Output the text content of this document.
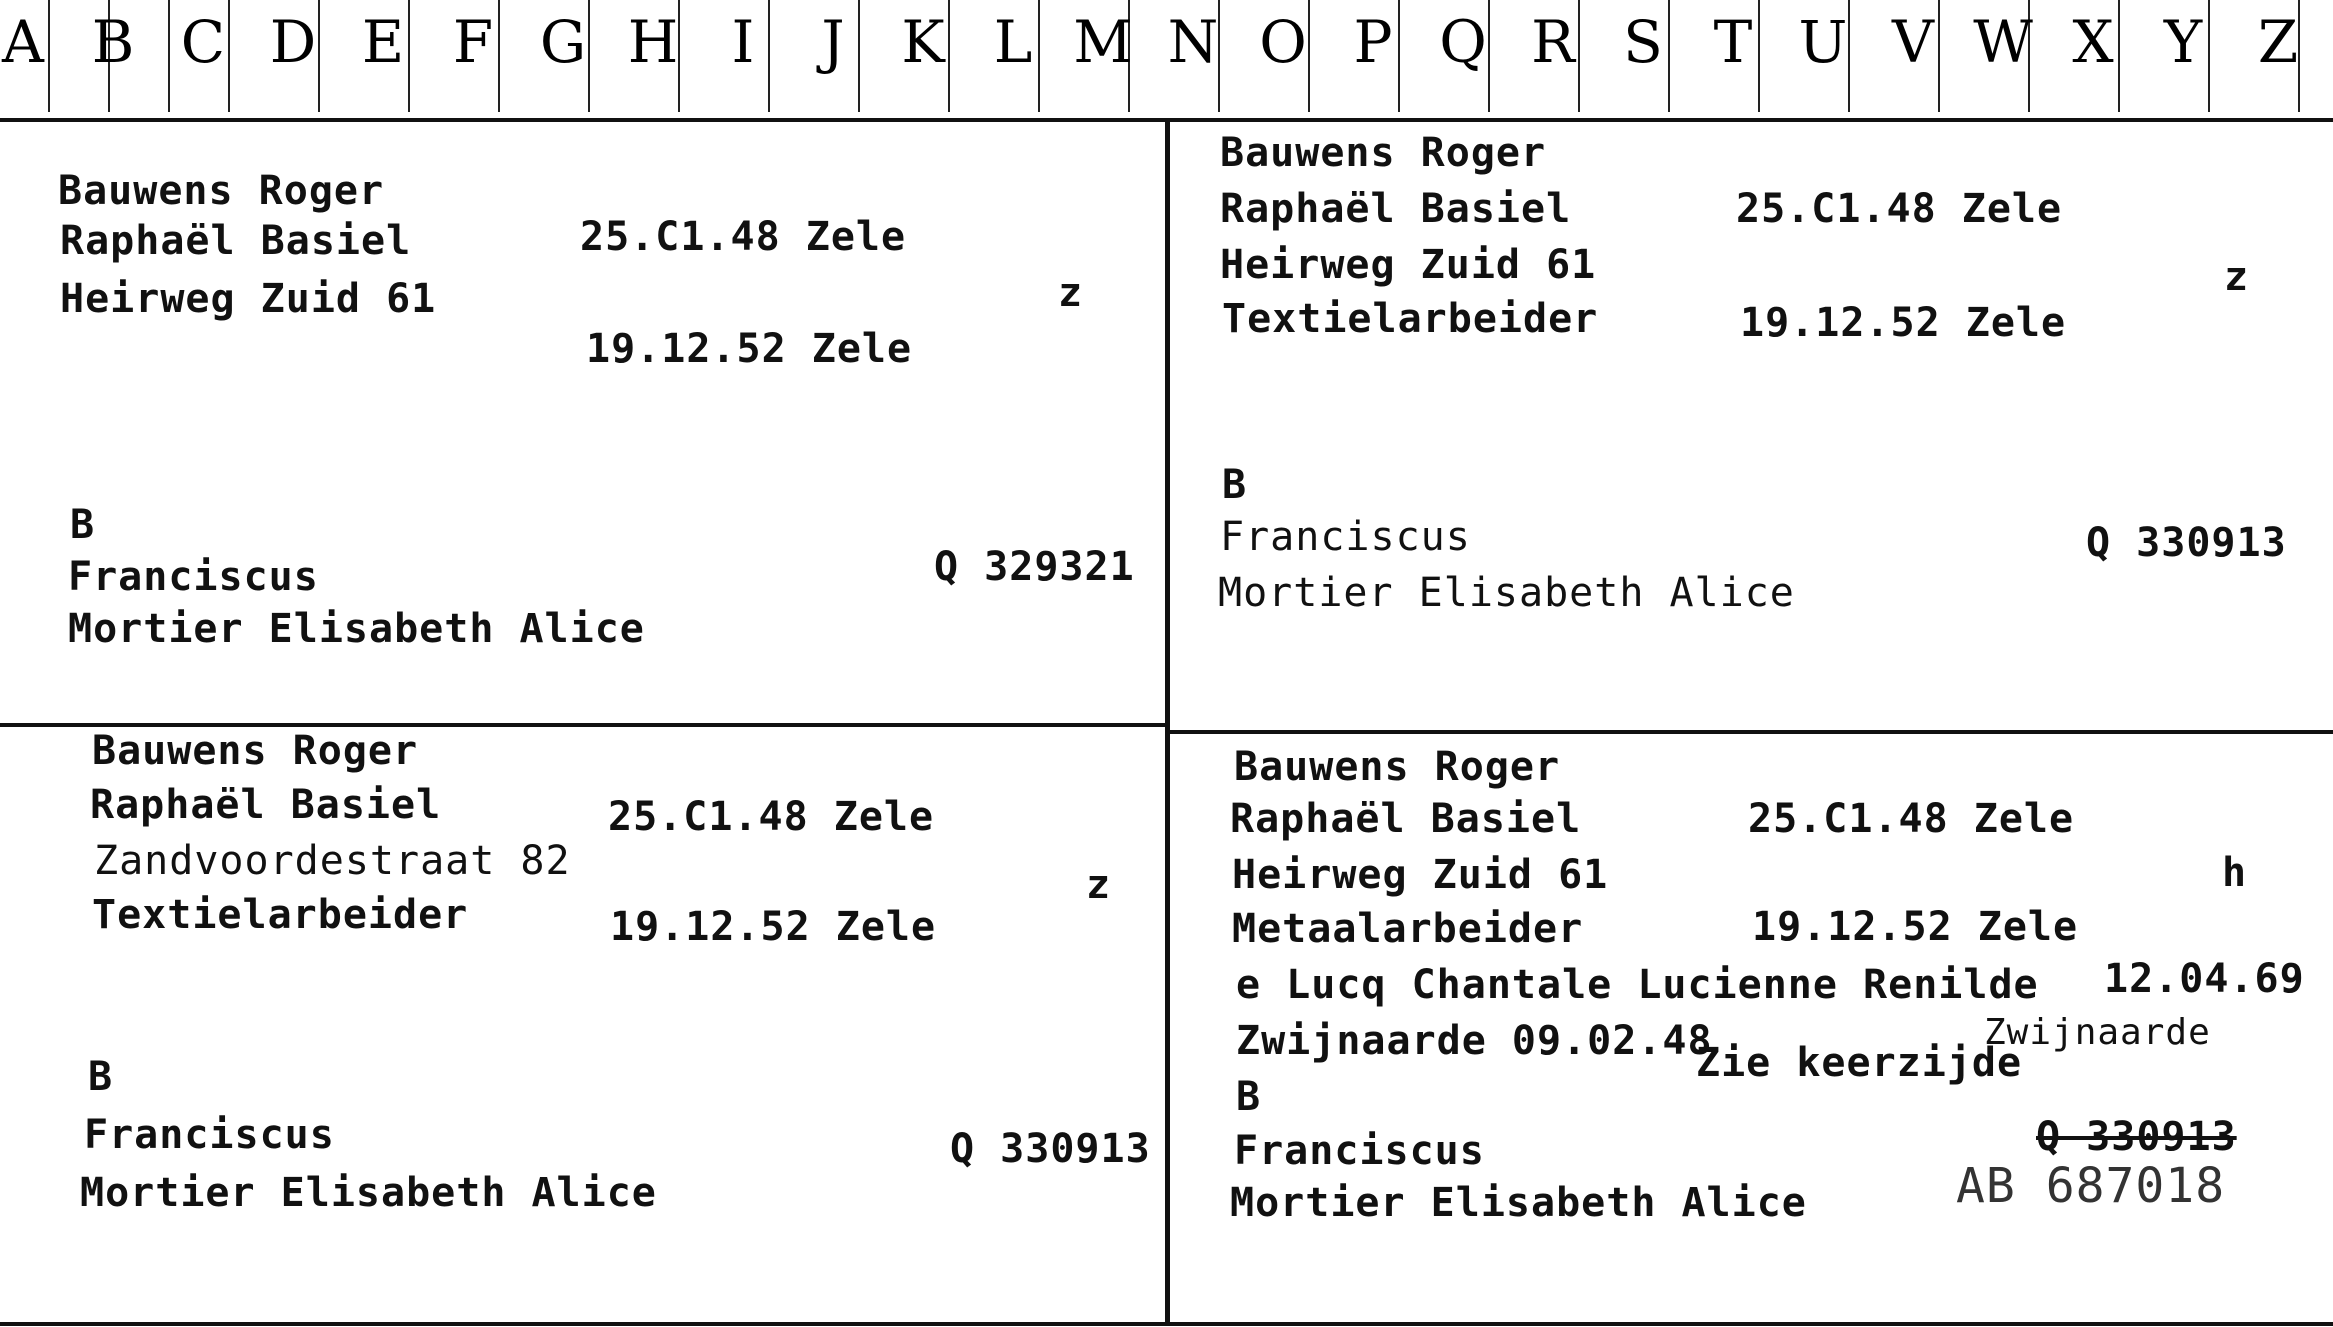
A B C D E F G H I	J K L M N O P Q R S T U V W X Y Z
Bauwens Roger
Raphaël Basiel
Heirweg Zuid 61
25.C1.48 Zele
z
19.12.52 Zele
B
Franciscus
Mortier Elisabeth Alice
Q 329321
Bauwens Roger
Raphaël Basiel
Heirweg Zuid 61
Textielarbeider
25.C1.48 Zele
z
19.12.52 Zele
B
Franciscus
Mortier Elisabeth Alice
Q 330913
Bauwens Roger
Raphaël Basiel
Zandvoordestraat 82
Textielarbeider
25.C1.48 Zele
z
19.12.52 Zele
B
Franciscus
Mortier Elisabeth Alice
Q 330913
Bauwens Roger
Raphaël Basiel
Heirweg Zuid 61
Metaalarbeider
25.C1.48 Zele
h
19.12.52 Zele
e Lucq Chantale Lucienne Renilde 12.04.69
Zwijnaarde 09.02.48
Zie keerzijde
Zwijnaarde
B
Franciscus
Mortier Elisabeth Alice
Q 330913
AB 687018
